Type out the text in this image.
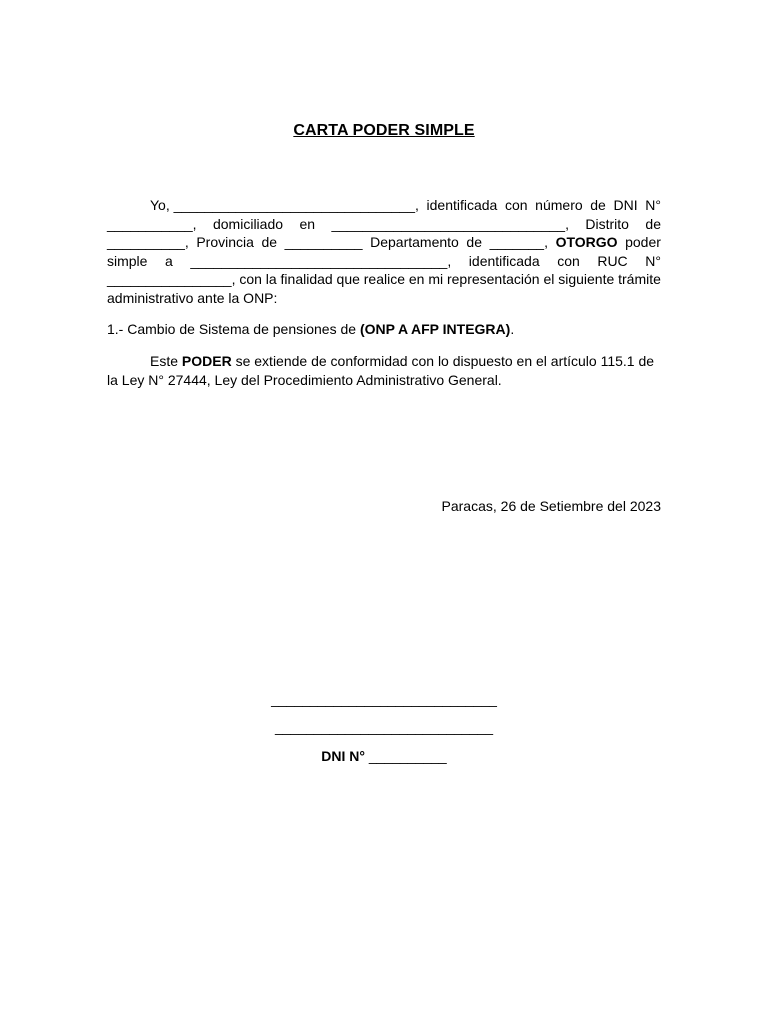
CARTA PODER SIMPLE
Yo, _______________________________, identificada con número de DNI N°
___________, domiciliado en ______________________________, Distrito de
__________, Provincia de __________ Departamento de _______, OTORGO poder
simple a _________________________________, identificada con RUC N°
________________, con la finalidad que realice en mi representación el siguiente trámite
administrativo ante la ONP:
1.- Cambio de Sistema de pensiones de (ONP A AFP INTEGRA).
Este PODER se extiende de conformidad con lo dispuesto en el artículo 115.1 de
la Ley N° 27444, Ley del Procedimiento Administrativo General.
Paracas, 26 de Setiembre del 2023
_____________________________
____________________________
DNI N° __________
